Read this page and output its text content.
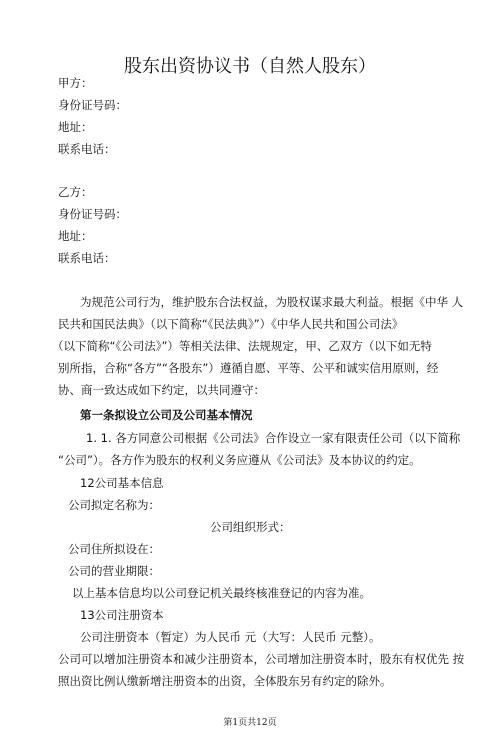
股东出资协议书（自然人股东）
甲方：
身份证号码：
地址：
联系电话：
乙方：
身份证号码：
地址：
联系电话：
为规范公司行为，维护股东合法权益，为股权谋求最大利益。根据《中华 人
民共和国民法典》（以下简称“《民法典》”）《中华人民共和国公司法》
（以下简称“《公司法》”）等相关法律、法规规定，甲、乙双方（以下如无特
别所指，合称“各方”“各股东”）遵循自愿、平等、公平和诚实信用原则，经
协、商一致达成如下约定，以共同遵守：
第一条拟设立公司及公司基本情况
1. 1. 各方同意公司根据《公司法》合作设立一家有限责任公司（以下简称
“公司”）。各方作为股东的权利义务应遵从《公司法》及本协议的约定。
12公司基本信息
公司拟定名称为：
公司组织形式：
公司住所拟设在：
公司的营业期限：
以上基本信息均以公司登记机关最终核准登记的内容为准。
13公司注册资本
公司注册资本（暂定）为人民币 元（大写：人民币 元整）。
公司可以增加注册资本和减少注册资本，公司增加注册资本时，股东有权优先 按
照出资比例认缴新增注册资本的出资，全体股东另有约定的除外。
第1页共12页
